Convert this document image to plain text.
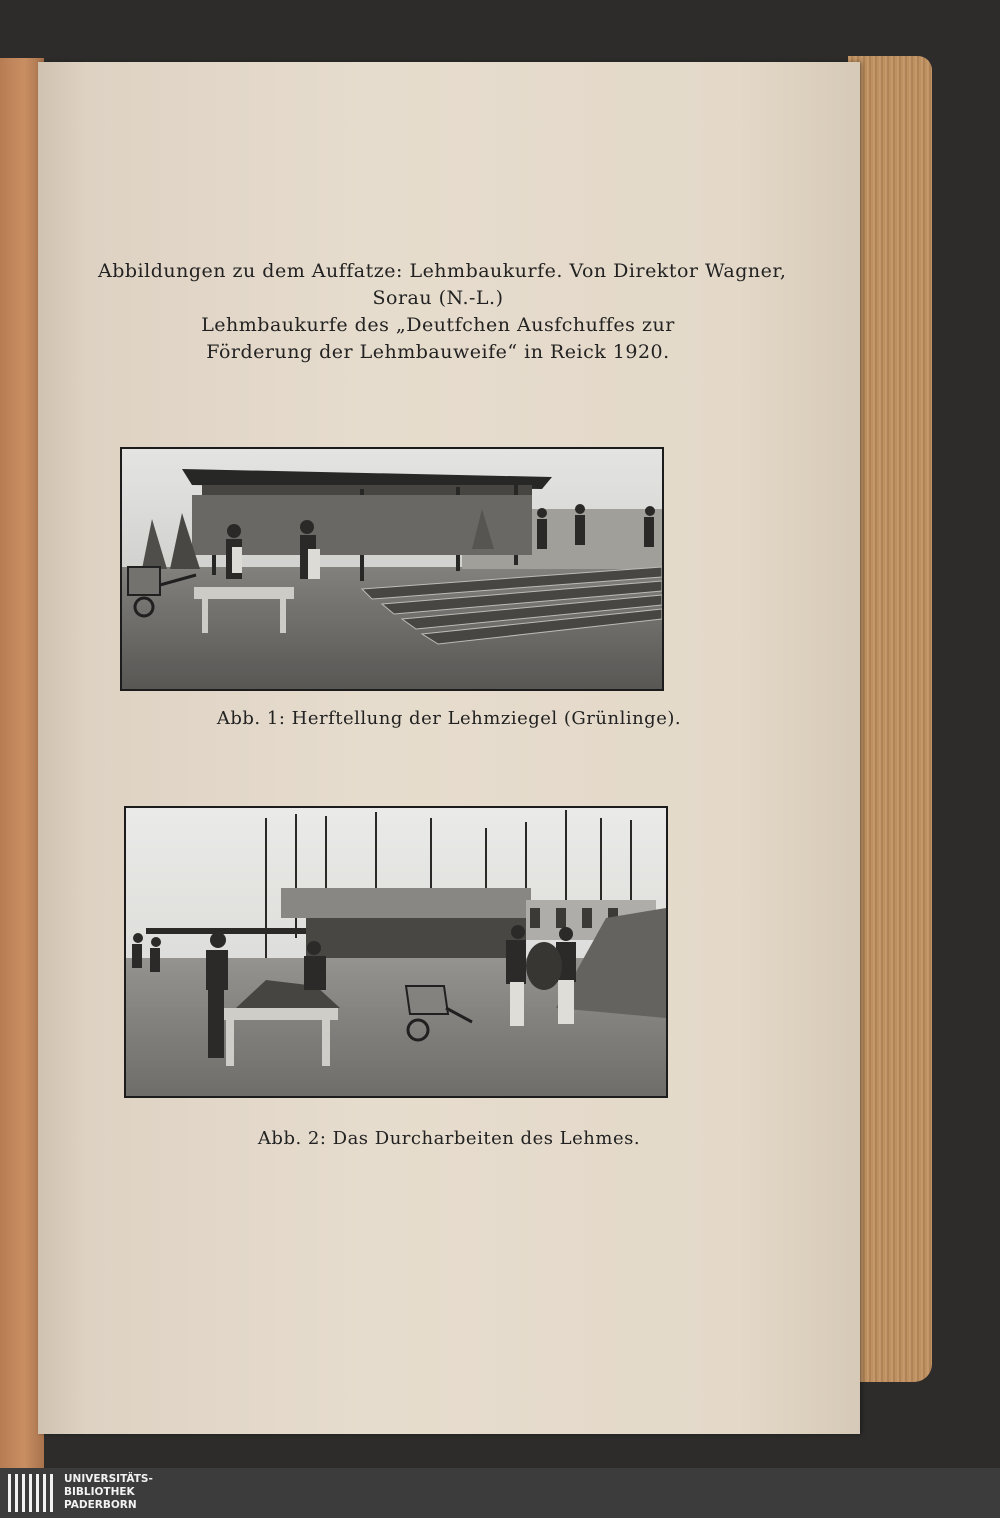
Abbildungen zu dem Auffatze: Lehmbaukurfe. Von Direktor Wagner,
Sorau (N.-L.)
Lehmbaukurfe des „Deutfchen Ausfchuffes zur
Förderung der Lehmbauweife“ in Reick 1920.
Abb. 1: Herftellung der Lehmziegel (Grünlinge).
Abb. 2: Das Durcharbeiten des Lehmes.
UNIVERSITÄTS-
BIBLIOTHEK
PADERBORN
